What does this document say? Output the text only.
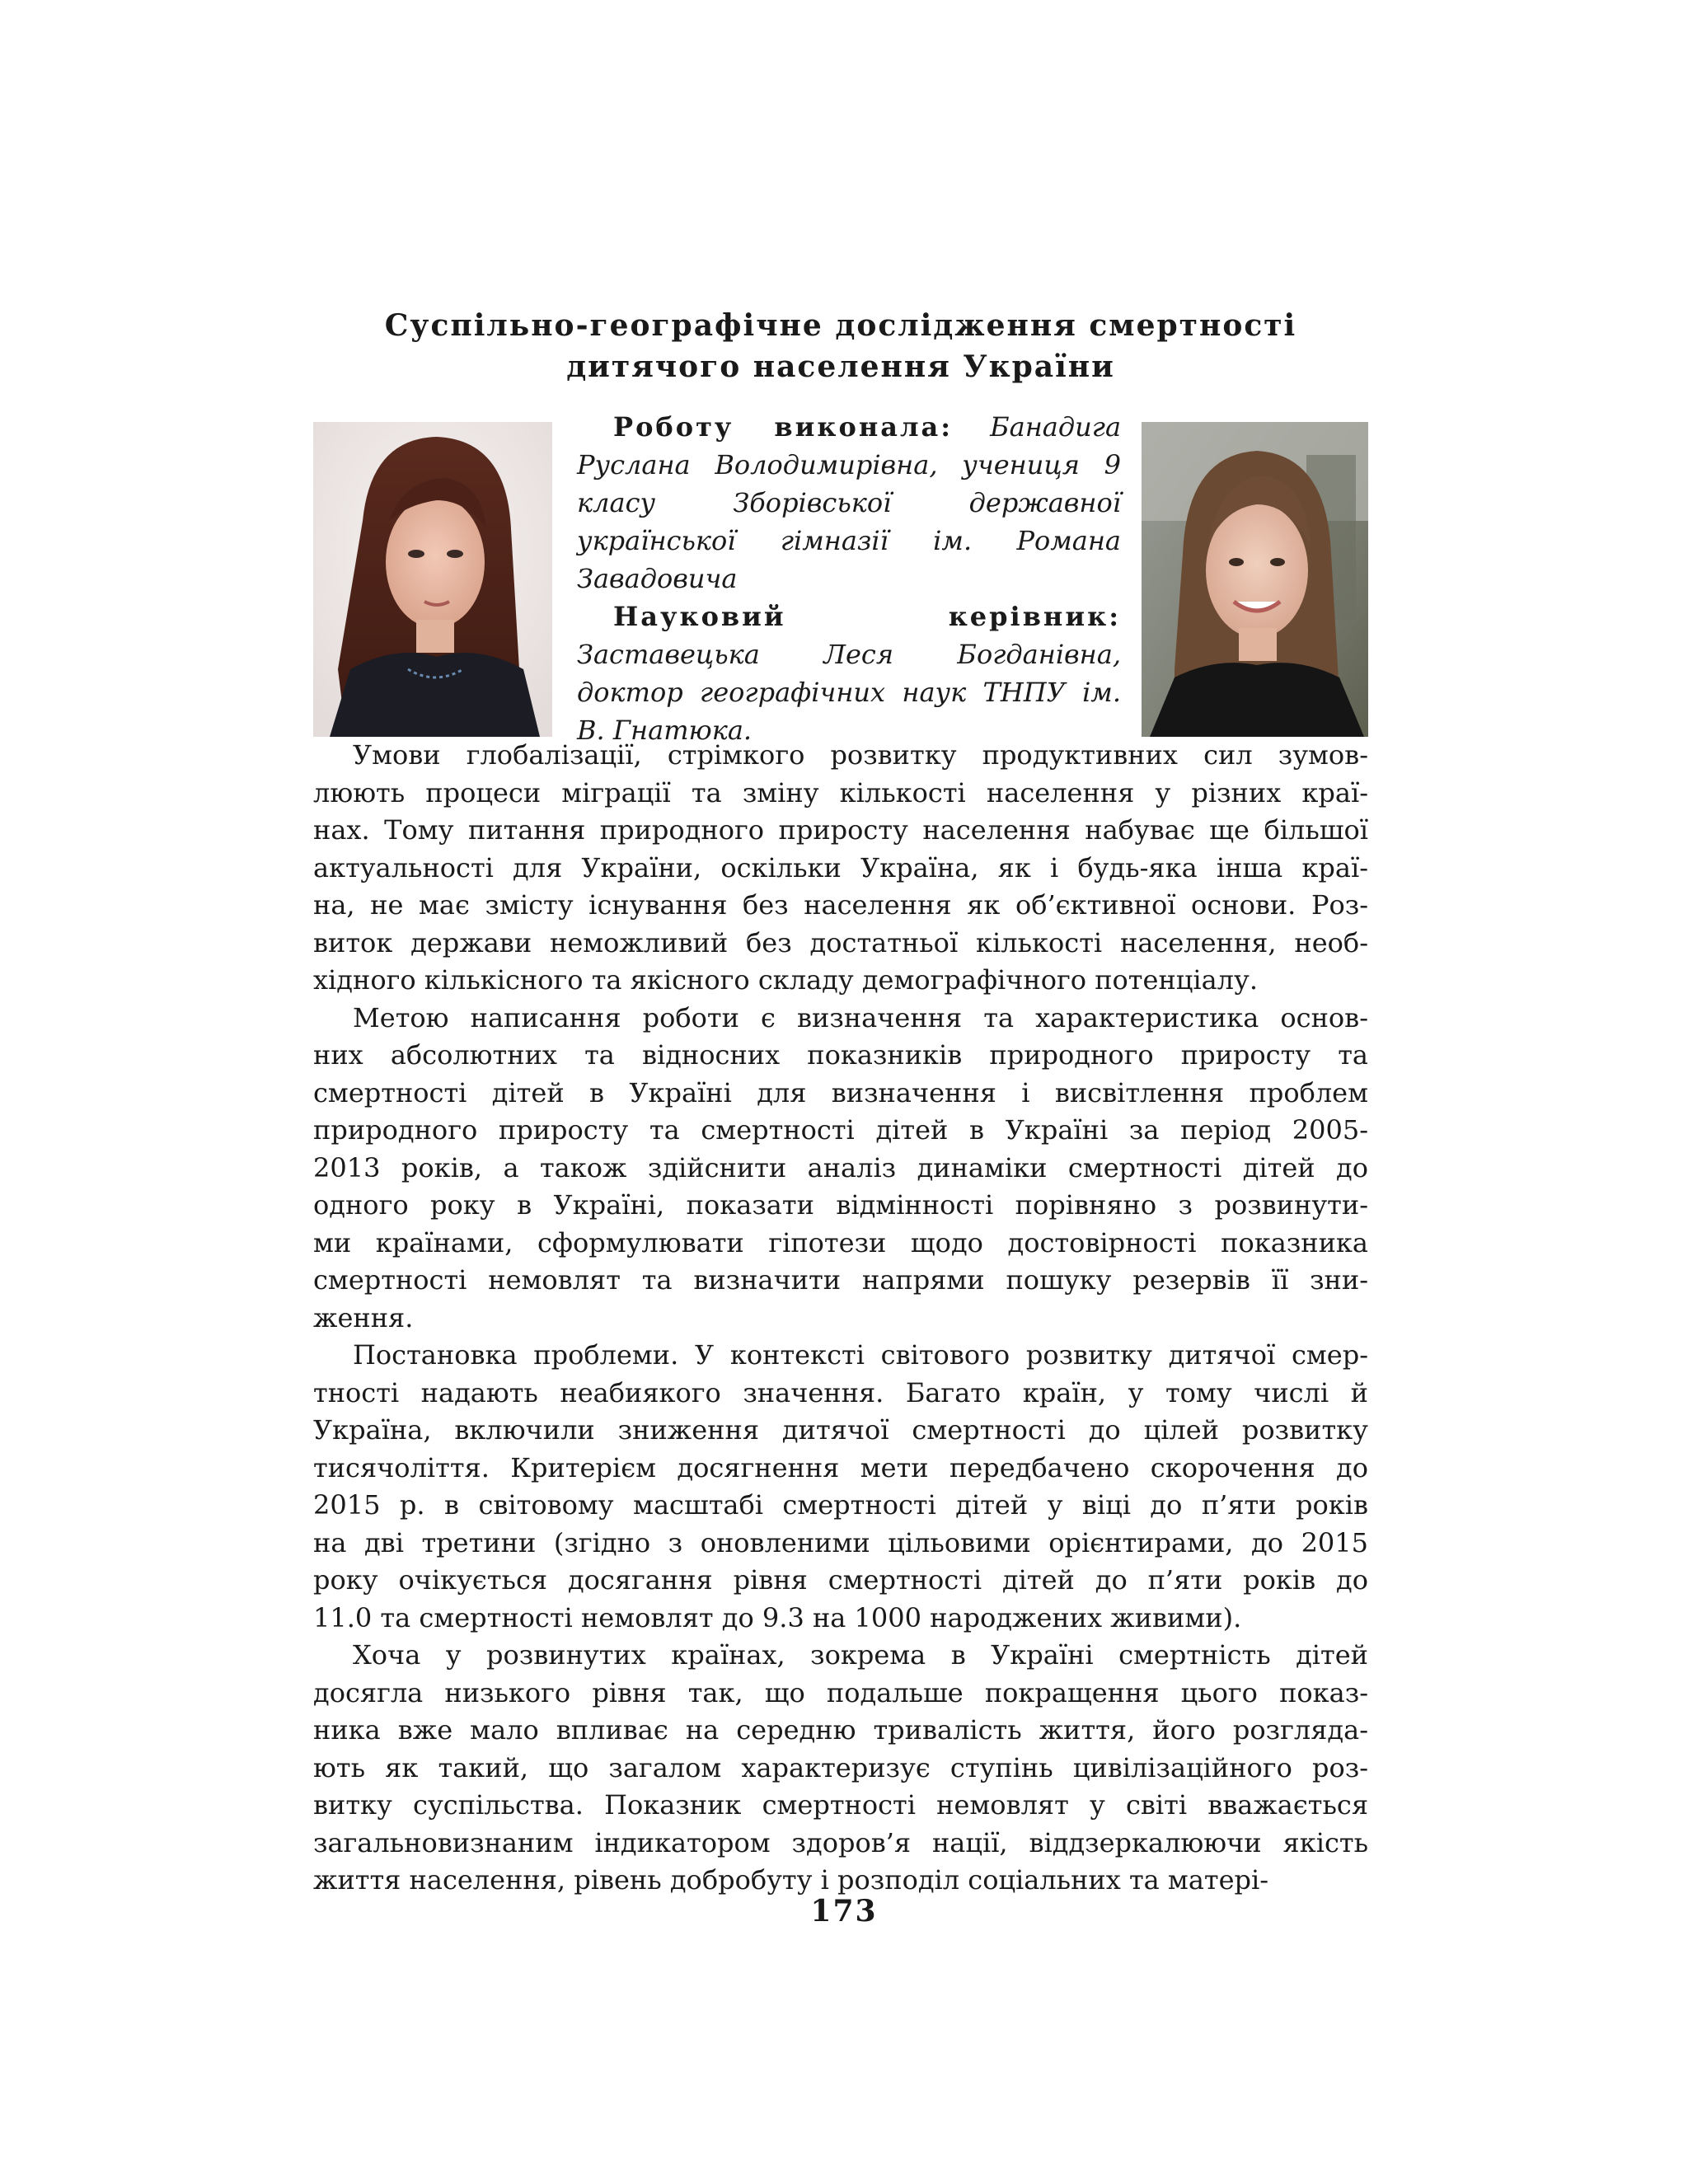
Суспільно-географічне дослідження смертності
дитячого населення України
Роботу виконала: Банадига Руслана Володимирівна, учениця 9 класу Зборівської державної української гімназії ім. Романа Завадовича
Науковий керівник: Заставецька Леся Богданівна, доктор географічних наук ТНПУ ім. В. Гнатюка.
Умови глобалізації, стрімкого розвитку продуктивних сил зумов-
люють процеси міграції та зміну кількості населення у різних краї-
нах. Тому питання природного приросту населення набуває ще більшої
актуальності для України, оскільки Україна, як і будь-яка інша краї-
на, не має змісту існування без населення як об’єктивної основи. Роз-
виток держави неможливий без достатньої кількості населення, необ-
хідного кількісного та якісного складу демографічного потенціалу.
Метою написання роботи є визначення та характеристика основ-
них абсолютних та відносних показників природного приросту та
смертності дітей в Україні для визначення і висвітлення проблем
природного приросту та смертності дітей в Україні за період 2005-
2013 років, а також здійснити аналіз динаміки смертності дітей до
одного року в Україні, показати відмінності порівняно з розвинути-
ми країнами, сформулювати гіпотези щодо достовірності показника
смертності немовлят та визначити напрями пошуку резервів її зни-
ження.
Постановка проблеми. У контексті світового розвитку дитячої смер-
тності надають неабиякого значення. Багато країн, у тому числі й
Україна, включили зниження дитячої смертності до цілей розвитку
тисячоліття. Критерієм досягнення мети передбачено скорочення до
2015 р. в світовому масштабі смертності дітей у віці до п’яти років
на дві третини (згідно з оновленими цільовими орієнтирами, до 2015
року очікується досягання рівня смертності дітей до п’яти років до
11.0 та смертності немовлят до 9.3 на 1000 народжених живими).
Хоча у розвинутих країнах, зокрема в Україні смертність дітей
досягла низького рівня так, що подальше покращення цього показ-
ника вже мало впливає на середню тривалість життя, його розгляда-
ють як такий, що загалом характеризує ступінь цивілізаційного роз-
витку суспільства. Показник смертності немовлят у світі вважається
загальновизнаним індикатором здоров’я нації, віддзеркалюючи якість
життя населення, рівень добробуту і розподіл соціальних та матері-
173
